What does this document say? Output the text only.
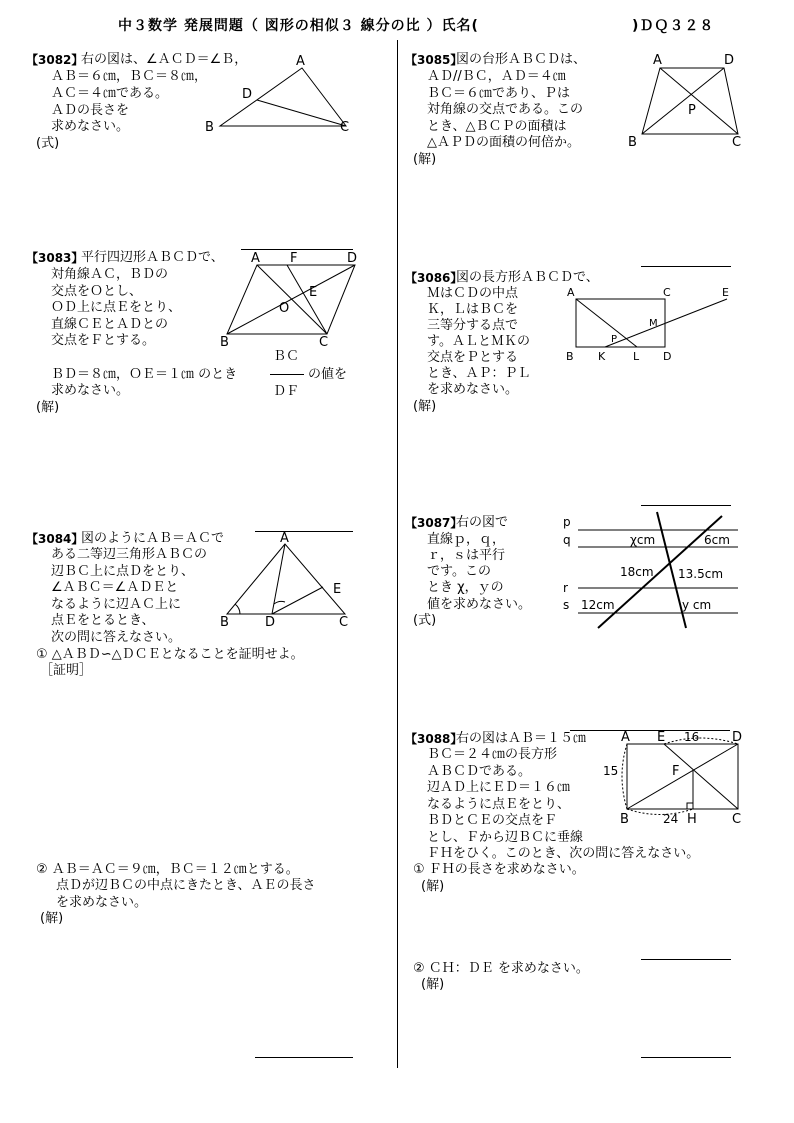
中３数学 発展問題（ 図形の相似３ 線分の比 ）氏名(	)ＤＱ３２８
【3082】
右の図は、∠ＡＣＤ＝∠Ｂ，
ＡＢ＝６㎝，ＢＣ＝８㎝，
ＡＣ＝４㎝である。
ＡＤの長さを
求めなさい。
(式)
A
D
B	C
【3083】
平行四辺形ＡＢＣＤで、
対角線ＡＣ，ＢＤの
交点をＯとし、
ＯＤ上に点Ｅをとり、
直線ＣＥとＡＤとの
交点をＦとする。
ＢＣ
ＢＤ＝８㎝，ＯＥ＝１㎝ のとき	の値を
求めなさい。	ＤＦ
(解)
A F	D
E
O
B	C
【3084】
図のようにＡＢ＝ＡＣで
ある二等辺三角形ＡＢＣの
辺ＢＣ上に点Ｄをとり、
∠ＡＢＣ＝∠ＡＤＥと
なるように辺ＡＣ上に
点Ｅをとるとき、
次の問に答えなさい。
① △ＡＢＤ∽△ＤＣＥとなることを証明せよ。
［証明］
A
E
B	D	C
② ＡＢ＝ＡＣ＝９㎝，ＢＣ＝１２㎝とする。
点Ｄが辺ＢＣの中点にきたとき、ＡＥの長さ
を求めなさい。
(解)
【3085】
図の台形ＡＢＣＤは、
ＡＤ//ＢＣ，ＡＤ＝４㎝
ＢＣ＝６㎝であり、Ｐは
対角線の交点である。この
とき、△ＢＣＰの面積は
△ＡＰＤの面積の何倍か。
(解)
A	D
P
B	C
【3086】
図の長方形ＡＢＣＤで、
ＭはＣＤの中点
Ｋ，ＬはＢＣを
三等分する点で
す。ＡＬとＭＫの
交点をＰとする
とき、ＡＰ：ＰＬ
を求めなさい。
(解)
A	C	E
M
P
B K	L D
【3087】
右の図で
直線ｐ，ｑ，
ｒ，ｓは平行
です。この
とき χ，ｙの
値を求めなさい。
(式)
p
q
r
s
χcm	6cm
18cm 13.5cm
12cm	y cm
【3088】
右の図はＡＢ＝１５㎝
ＢＣ＝２４㎝の長方形
ＡＢＣＤである。
辺ＡＤ上にＥＤ＝１６㎝
なるように点Ｅをとり、
ＢＤとＣＥの交点をＦ
とし、Ｆから辺ＢＣに垂線
ＦＨをひく。このとき、次の問に答えなさい。
① ＦＨの長さを求めなさい。
(解)
A E 16	D
15	F
B	24 H	C
② ＣＨ：ＤＥ を求めなさい。
(解)
